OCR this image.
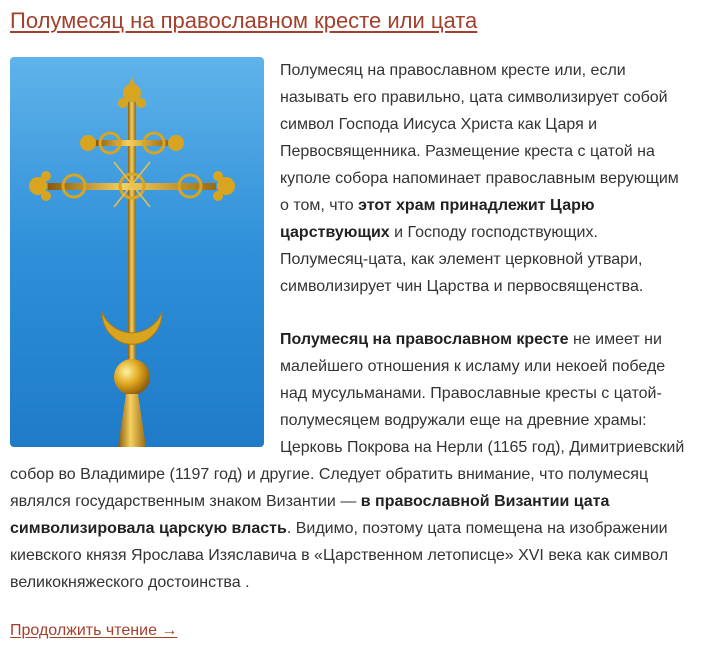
Полумесяц на православном кресте или цата

Полумесяц на православном кресте или, если называть его правильно, цата символизирует собой символ Господа Иисуса Христа как Царя и Первосвященника. Размещение креста с цатой на куполе собора напоминает православным верующим о том, что этот храм принадлежит Царю царствующих и Господу господствующих. Полумесяц-цата, как элемент церковной утвари, символизирует чин Царства и первосвященства.

Полумесяц на православном кресте не имеет ни малейшего отношения к исламу или некоей победе над мусульманами. Православные кресты с цатой-полумесяцем водружали еще на древние храмы: Церковь Покрова на Нерли (1165 год), Димитриевский собор во Владимире (1197 год) и другие. Следует обратить внимание, что полумесяц являлся государственным знаком Византии — в православной Византии цата символизировала царскую власть. Видимо, поэтому цата помещена на изображении киевского князя Ярослава Изяславича в «Царственном летописце» XVI века как символ великокняжеского достоинства .

Продолжить чтение →
